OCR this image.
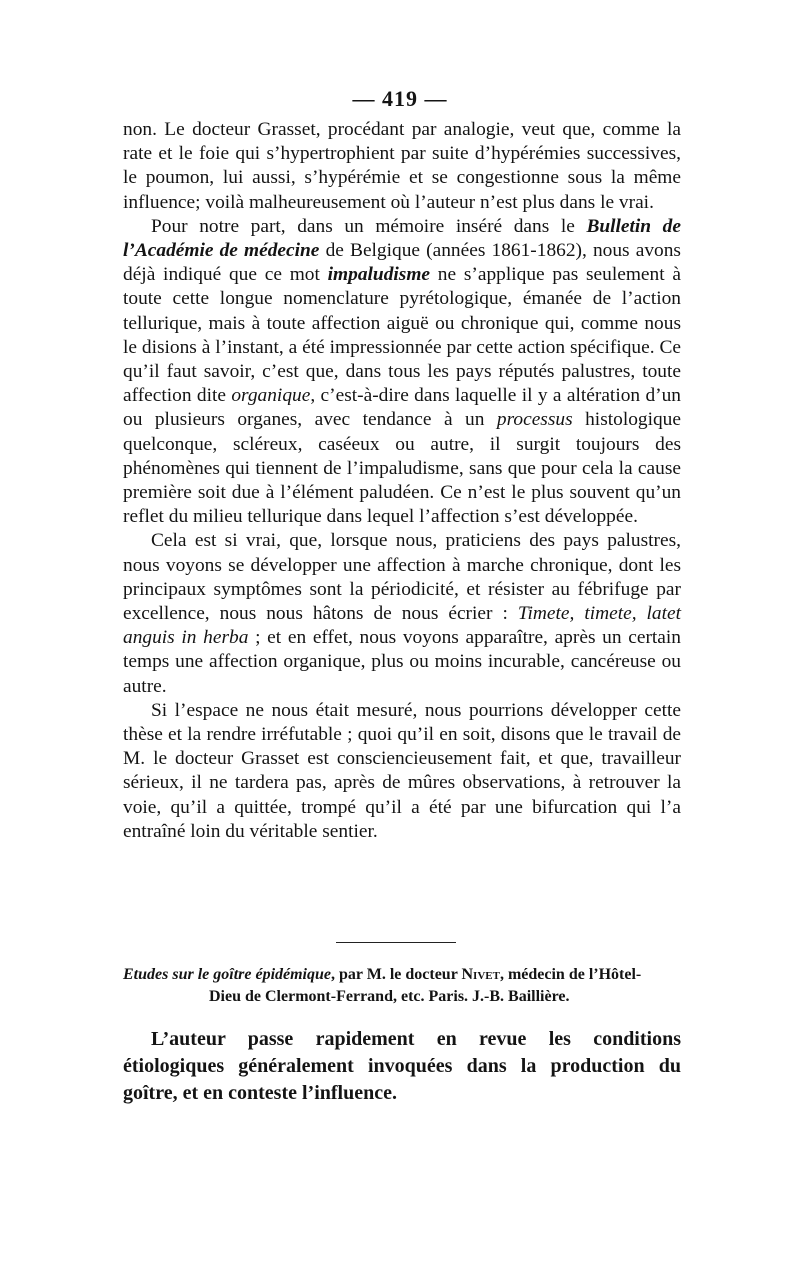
— 419 —

non. Le docteur Grasset, procédant par analogie, veut que, comme la rate et le foie qui s’hypertrophient par suite d’hypérémies successives, le poumon, lui aussi, s’hypérémie et se congestionne sous la même influence; voilà malheureusement où l’auteur n’est plus dans le vrai.

Pour notre part, dans un mémoire inséré dans le Bulletin de l’Académie de médecine de Belgique (années 1861-1862), nous avons déjà indiqué que ce mot impaludisme ne s’applique pas seulement à toute cette longue nomenclature pyrétologique, émanée de l’action tellurique, mais à toute affection aiguë ou chronique qui, comme nous le disions à l’instant, a été impressionnée par cette action spécifique. Ce qu’il faut savoir, c’est que, dans tous les pays réputés palustres, toute affection dite organique, c’est-à-dire dans laquelle il y a altération d’un ou plusieurs organes, avec tendance à un processus histologique quelconque, scléreux, caséeux ou autre, il surgit toujours des phénomènes qui tiennent de l’impaludisme, sans que pour cela la cause première soit due à l’élément paludéen. Ce n’est le plus souvent qu’un reflet du milieu tellurique dans lequel l’affection s’est développée.

Cela est si vrai, que, lorsque nous, praticiens des pays palustres, nous voyons se développer une affection à marche chronique, dont les principaux symptômes sont la périodicité, et résister au fébrifuge par excellence, nous nous hâtons de nous écrier : Timete, timete, latet anguis in herba ; et en effet, nous voyons apparaître, après un certain temps une affection organique, plus ou moins incurable, cancéreuse ou autre.

Si l’espace ne nous était mesuré, nous pourrions développer cette thèse et la rendre irréfutable ; quoi qu’il en soit, disons que le travail de M. le docteur Grasset est consciencieusement fait, et que, travailleur sérieux, il ne tardera pas, après de mûres observations, à retrouver la voie, qu’il a quittée, trompé qu’il a été par une bifurcation qui l’a entraîné loin du véritable sentier.

Etudes sur le goître épidémique, par M. le docteur Nivet, médecin de l’Hôtel-
Dieu de Clermont-Ferrand, etc. Paris. J.-B. Baillière.

L’auteur passe rapidement en revue les conditions étiologiques généralement invoquées dans la production du goître, et en conteste l’influence.
